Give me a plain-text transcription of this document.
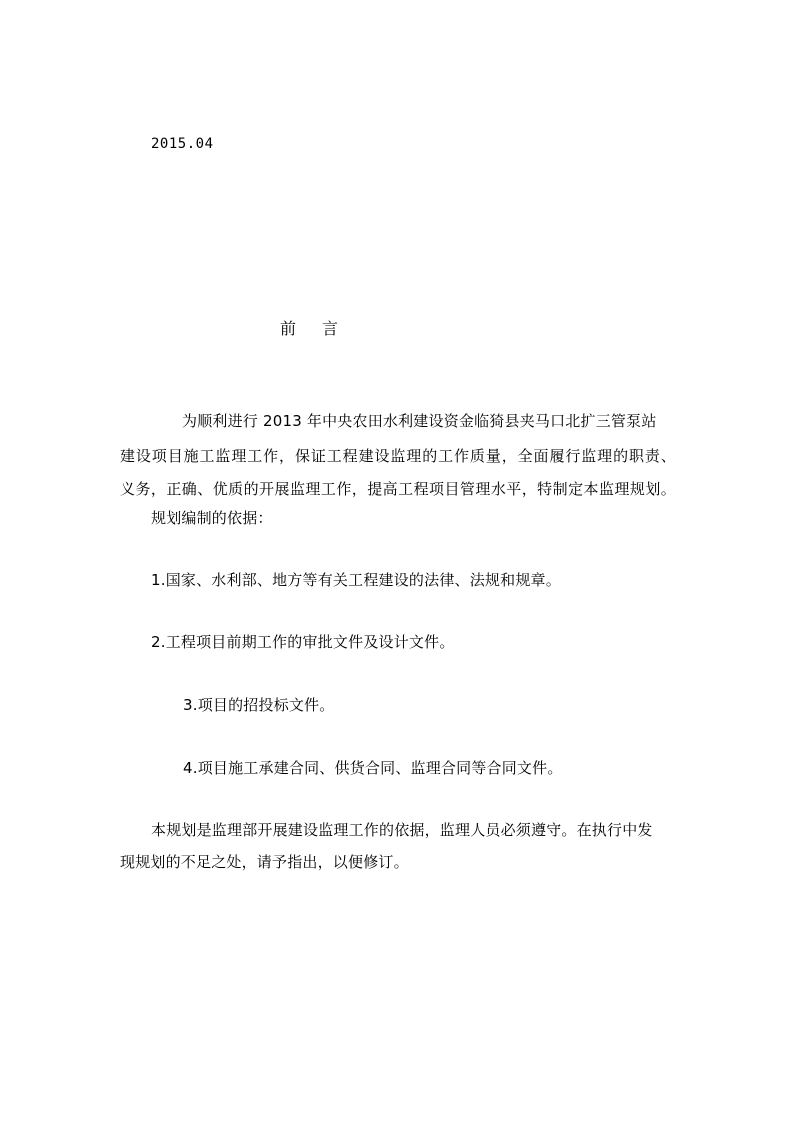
2015.04
前 言
为顺利进行 2013 年中央农田水利建设资金临猗县夹马口北扩三管泵站
建设项目施工监理工作，保证工程建设监理的工作质量，全面履行监理的职责、
义务，正确、优质的开展监理工作，提高工程项目管理水平，特制定本监理规划。
规划编制的依据：
1.国家、水利部、地方等有关工程建设的法律、法规和规章。
2.工程项目前期工作的审批文件及设计文件。
3.项目的招投标文件。
4.项目施工承建合同、供货合同、监理合同等合同文件。
本规划是监理部开展建设监理工作的依据，监理人员必须遵守。在执行中发
现规划的不足之处，请予指出，以便修订。
